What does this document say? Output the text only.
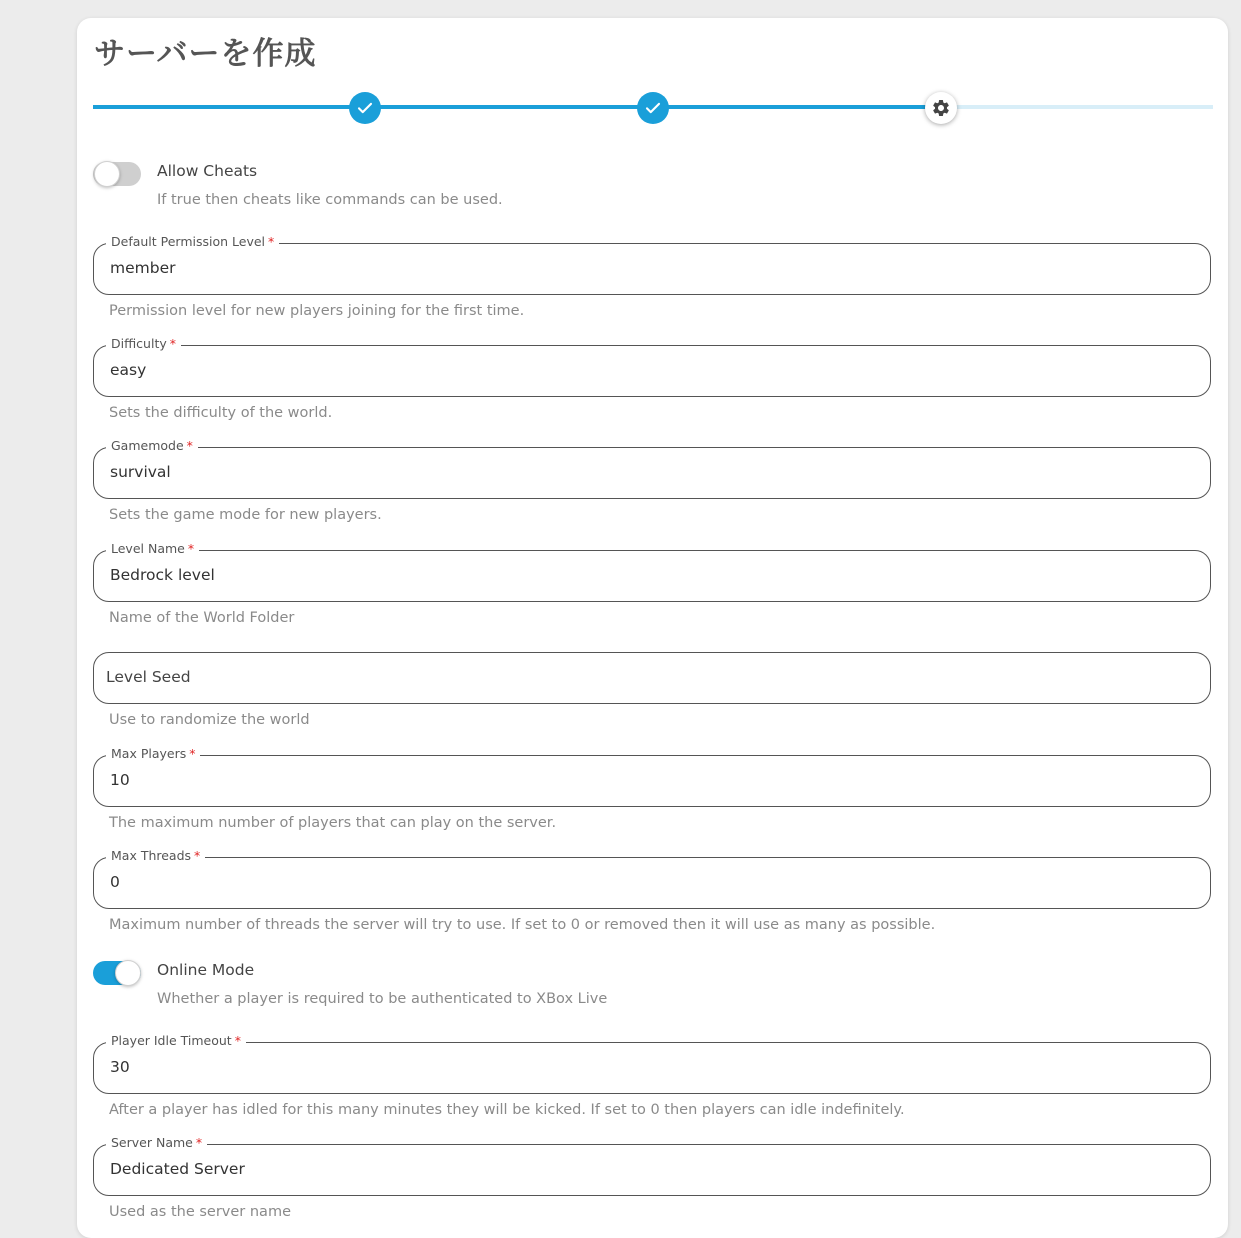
サーバーを作成
Allow Cheats
If true then cheats like commands can be used.
Default Permission Level *
member
Permission level for new players joining for the first time.
Difficulty *
easy
Sets the difficulty of the world.
Gamemode *
survival
Sets the game mode for new players.
Level Name *
Bedrock level
Name of the World Folder
Level Seed
Use to randomize the world
Max Players *
10
The maximum number of players that can play on the server.
Max Threads *
0
Maximum number of threads the server will try to use. If set to 0 or removed then it will use as many as possible.
Online Mode
Whether a player is required to be authenticated to XBox Live
Player Idle Timeout *
30
After a player has idled for this many minutes they will be kicked. If set to 0 then players can idle indefinitely.
Server Name *
Dedicated Server
Used as the server name
